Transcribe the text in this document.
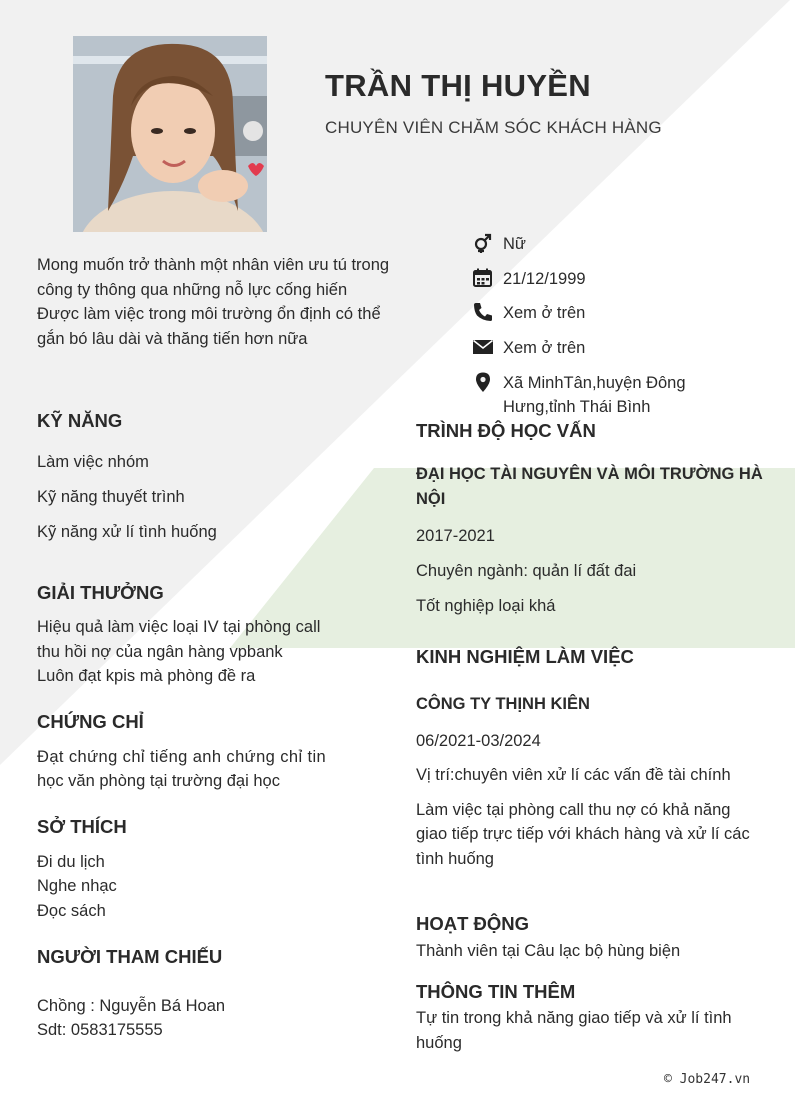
TRẦN THỊ HUYỀN
CHUYÊN VIÊN CHĂM SÓC KHÁCH HÀNG
Mong muốn trở thành một nhân viên ưu tú trong
công ty thông qua những nỗ lực cống hiến
Được làm việc trong môi trường ổn định có thể
gắn bó lâu dài và thăng tiến hơn nữa
Nữ
21/12/1999
Xem ở trên
Xem ở trên
Xã MinhTân,huyện Đông
Hưng,tỉnh Thái Bình
KỸ NĂNG
Làm việc nhóm
Kỹ năng thuyết trình
Kỹ năng xử lí tình huống
GIẢI THƯỞNG
Hiệu quả làm việc loại IV tại phòng call
thu hồi nợ của ngân hàng vpbank
Luôn đạt kpis mà phòng đề ra
CHỨNG CHỈ
Đạt chứng chỉ tiếng anh chứng chỉ tin
học văn phòng tại trường đại học
SỞ THÍCH
Đi du lịch
Nghe nhạc
Đọc sách
NGƯỜI THAM CHIẾU
Chồng : Nguyễn Bá Hoan
Sdt: 0583175555
TRÌNH ĐỘ HỌC VẤN
ĐẠI HỌC TÀI NGUYÊN VÀ MÔI TRƯỜNG HÀ
NỘI
2017-2021
Chuyên ngành: quản lí đất đai
Tốt nghiệp loại khá
KINH NGHIỆM LÀM VIỆC
CÔNG TY THỊNH KIÊN
06/2021-03/2024
Vị trí:chuyên viên xử lí các vấn đề tài chính
Làm việc tại phòng call thu nợ có khả năng
giao tiếp trực tiếp với khách hàng và xử lí các
tình huống
HOẠT ĐỘNG
Thành viên tại Câu lạc bộ hùng biện
THÔNG TIN THÊM
Tự tin trong khả năng giao tiếp và xử lí tình
huống
© Job247.vn
